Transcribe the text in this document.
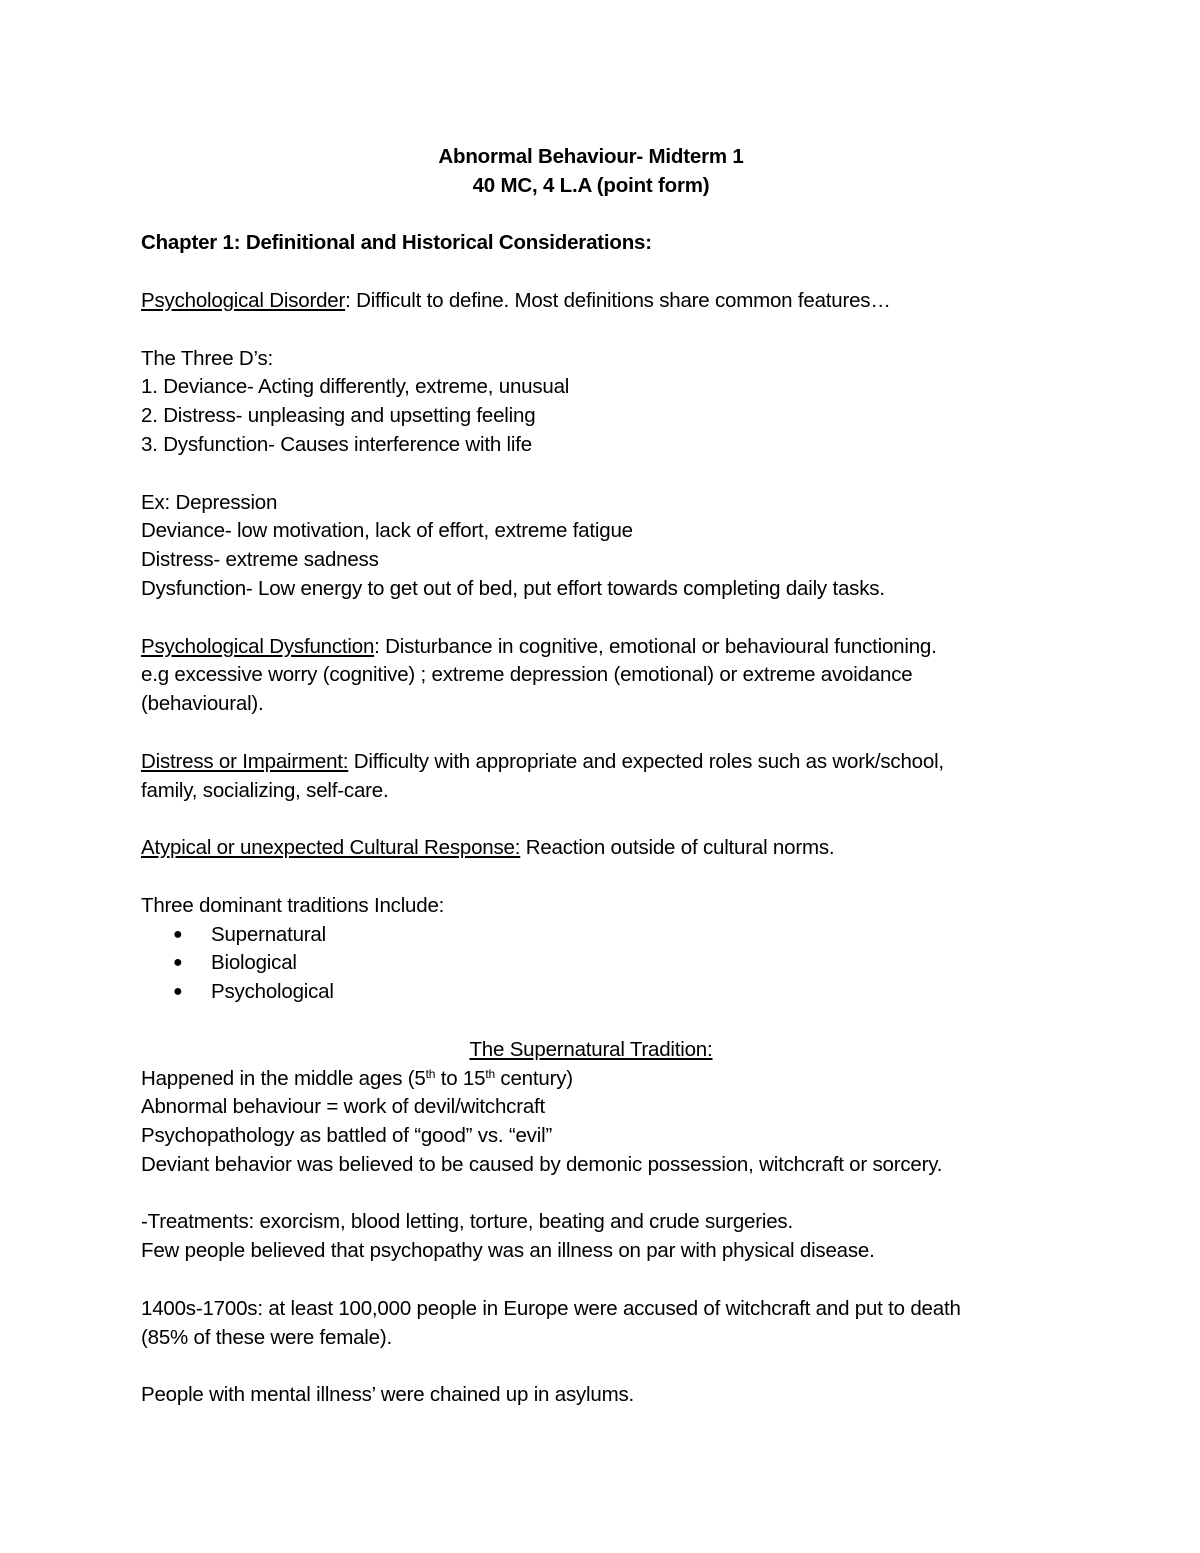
Abnormal Behaviour- Midterm 1
40 MC, 4 L.A (point form)
Chapter 1: Definitional and Historical Considerations:
Psychological Disorder: Difficult to define. Most definitions share common features…
The Three D’s:
1. Deviance- Acting differently, extreme, unusual
2. Distress- unpleasing and upsetting feeling
3. Dysfunction- Causes interference with life
Ex: Depression
Deviance- low motivation, lack of effort, extreme fatigue
Distress- extreme sadness
Dysfunction- Low energy to get out of bed, put effort towards completing daily tasks.
Psychological Dysfunction: Disturbance in cognitive, emotional or behavioural functioning.
e.g excessive worry (cognitive) ; extreme depression (emotional) or extreme avoidance
(behavioural).
Distress or Impairment: Difficulty with appropriate and expected roles such as work/school,
family, socializing, self-care.
Atypical or unexpected Cultural Response: Reaction outside of cultural norms.
Three dominant traditions Include:
● Supernatural
● Biological
● Psychological
The Supernatural Tradition:
Happened in the middle ages (5th to 15th century)
Abnormal behaviour = work of devil/witchcraft
Psychopathology as battled of “good” vs. “evil”
Deviant behavior was believed to be caused by demonic possession, witchcraft or sorcery.
-Treatments: exorcism, blood letting, torture, beating and crude surgeries.
Few people believed that psychopathy was an illness on par with physical disease.
1400s-1700s: at least 100,000 people in Europe were accused of witchcraft and put to death
(85% of these were female).
People with mental illness’ were chained up in asylums.
